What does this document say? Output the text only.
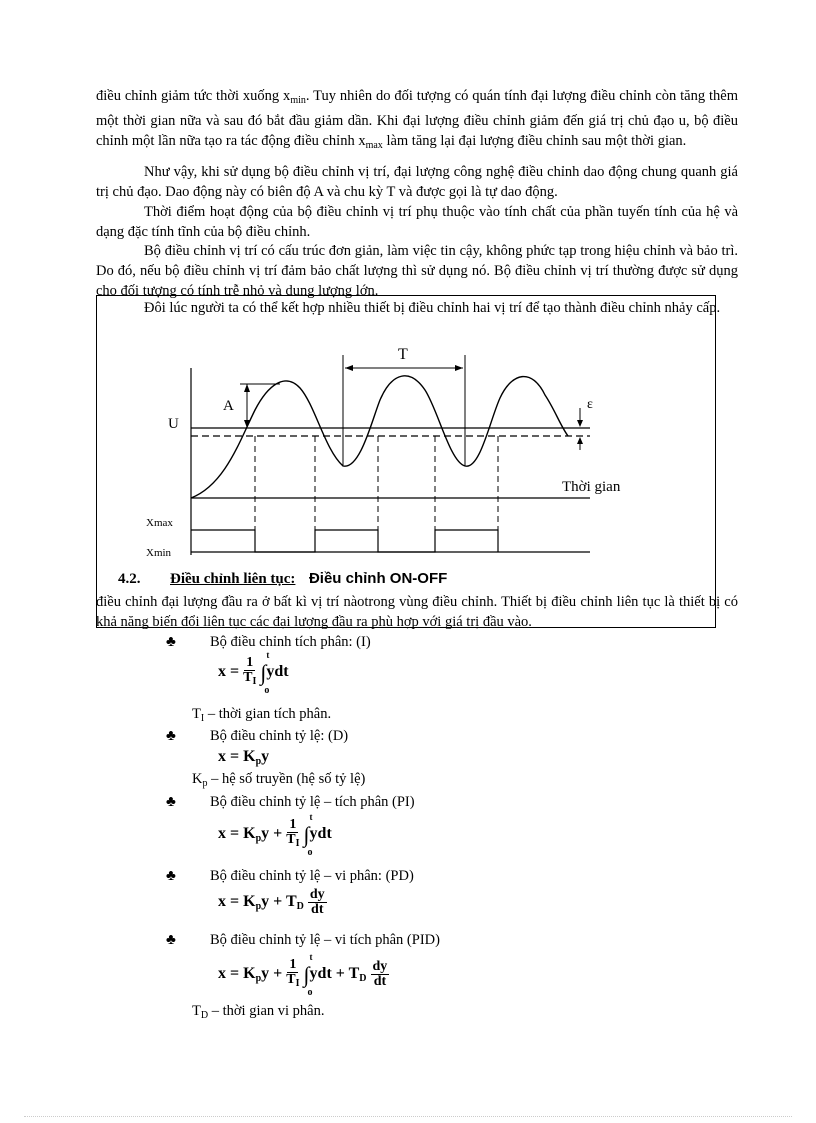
điều chỉnh giảm tức thời xuống $x_{min}$. Tuy nhiên do đối tượng có quán tính đại lượng điều chỉnh còn tăng thêm một thời gian nữa và sau đó bắt đầu giảm dần. Khi đại lượng điều chỉnh giảm đến giá trị chủ đạo u, bộ điều chỉnh một lần nữa tạo ra tác động điều chỉnh $x_{max}$ làm tăng lại đại lượng điều chỉnh sau một thời gian.
Như vậy, khi sử dụng bộ điều chỉnh vị trí, đại lượng công nghệ điều chỉnh dao động chung quanh giá trị chủ đạo. Dao động này có biên độ A và chu kỳ T và được gọi là tự dao động.
Thời điểm hoạt động của bộ điều chỉnh vị trí phụ thuộc vào tính chất của phần tuyến tính của hệ và dạng đặc tính tĩnh của bộ điều chỉnh.
Bộ điều chỉnh vị trí có cấu trúc đơn giản, làm việc tin cậy, không phức tạp trong hiệu chỉnh và bảo trì. Do đó, nếu bộ điều chỉnh vị trí đảm bảo chất lượng thì sử dụng nó. Bộ điều chỉnh vị trí thường được sử dụng cho đối tượng có tính trễ nhỏ và dung lượng lớn.
Đôi lúc người ta có thể kết hợp nhiều thiết bị điều chỉnh hai vị trí để tạo thành điều chỉnh nhảy cấp.
T
A	ε
U
Thời gian
Xmax
Xmin
4.2. Điều chỉnh liên tục: Điều chỉnh ON-OFF
điều chỉnh đại lượng đầu ra ở bất kì vị trí nàotrong vùng điều chỉnh. Thiết bị điều chỉnh liên tục là thiết bị có khả năng biến đổi liên tục các đại lượng đầu ra phù hợp với giá trị đầu vào.
♣ Bộ điều chỉnh tích phân: (I)
$x = \frac{1}{T_I}$ ∫
t
o
ydt
$T_I$ – thời gian tích phân.
♣ Bộ điều chỉnh tỷ lệ: (D)
$x = K_py$
$K_p$ – hệ số truyền (hệ số tỷ lệ)
♣ Bộ điều chỉnh tỷ lệ – tích phân (PI)
$x = K_py + \frac{1}{T_I}$ ∫
t
o
ydt
♣ Bộ điều chỉnh tỷ lệ – vi phân: (PD)
$x = K_py + T_D \frac{dy}{dt}$
♣ Bộ điều chỉnh tỷ lệ – vi tích phân (PID)
$x = K_py + \frac{1}{T_I}$ ∫
t
o
ydt + $T_D \frac{dy}{dt}$
$T_D$ – thời gian vi phân.
